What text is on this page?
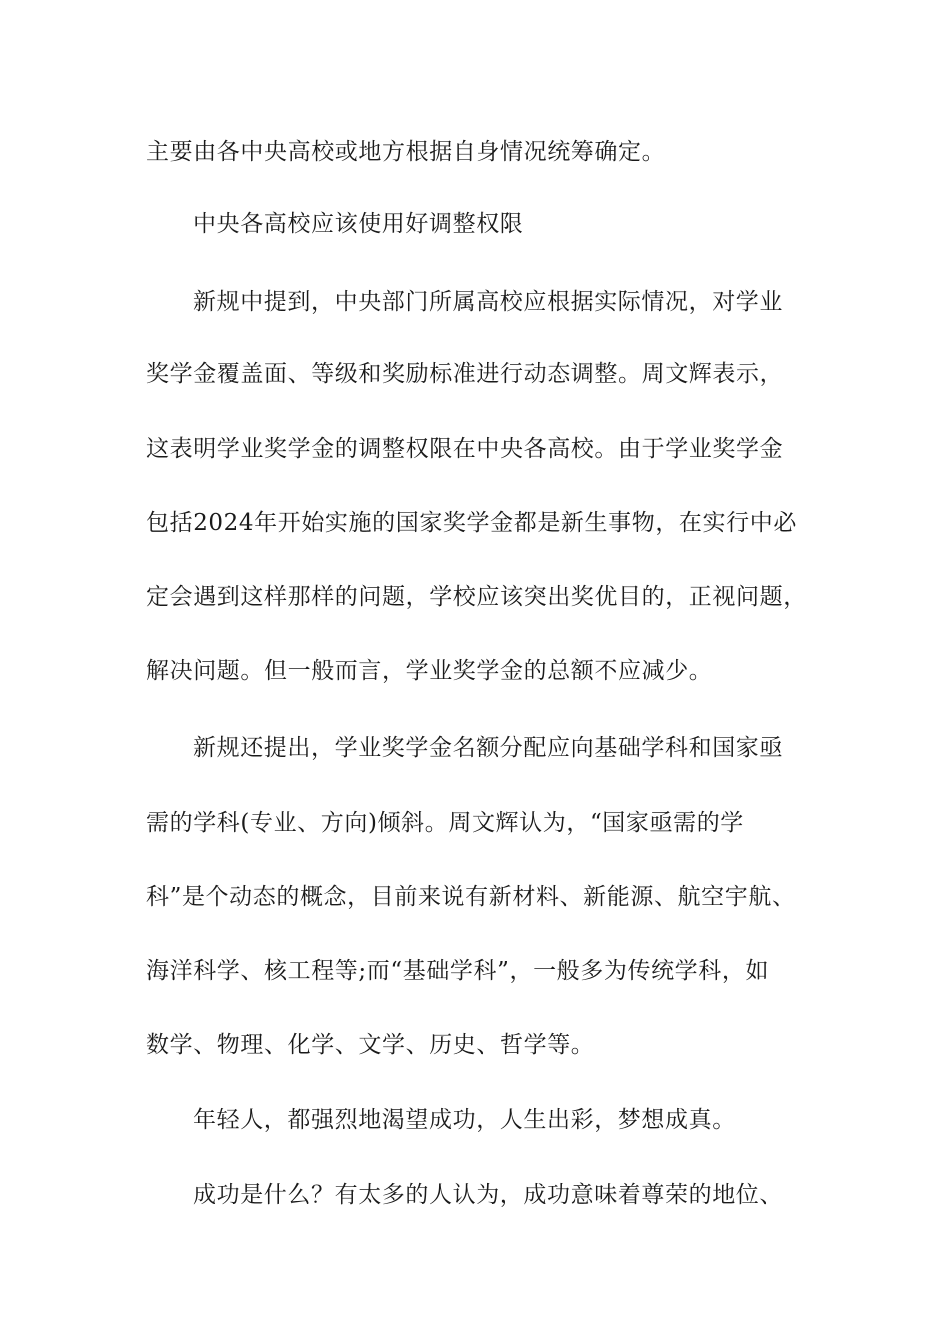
主要由各中央高校或地方根据自身情况统筹确定。
中央各高校应该使用好调整权限
新规中提到，中央部门所属高校应根据实际情况，对学业
奖学金覆盖面、等级和奖励标准进行动态调整。周文辉表示，
这表明学业奖学金的调整权限在中央各高校。由于学业奖学金
包括2024年开始实施的国家奖学金都是新生事物，在实行中必
定会遇到这样那样的问题，学校应该突出奖优目的，正视问题，
解决问题。但一般而言，学业奖学金的总额不应减少。
新规还提出，学业奖学金名额分配应向基础学科和国家亟
需的学科(专业、方向)倾斜。周文辉认为，“国家亟需的学
科”是个动态的概念，目前来说有新材料、新能源、航空宇航、
海洋科学、核工程等;而“基础学科”，一般多为传统学科，如
数学、物理、化学、文学、历史、哲学等。
年轻人，都强烈地渴望成功，人生出彩，梦想成真。
成功是什么？有太多的人认为，成功意味着尊荣的地位、
